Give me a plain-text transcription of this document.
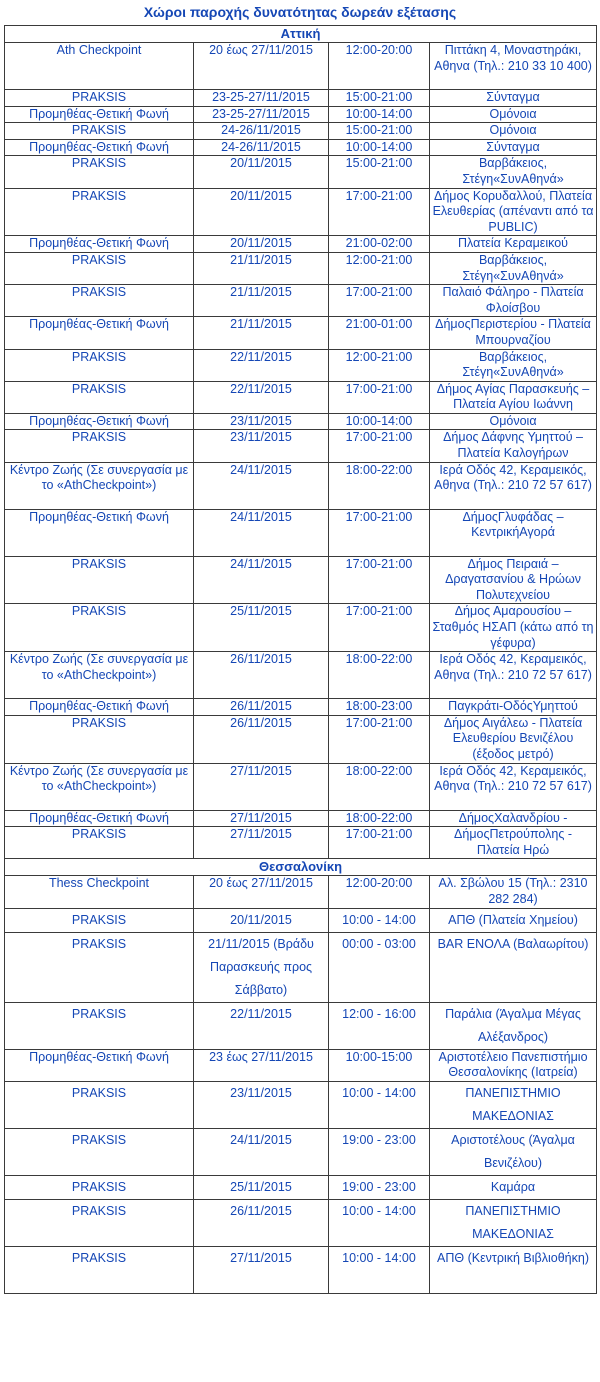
Χώροι παροχής δυνατότητας δωρεάν εξέτασης
Αττική			
Ath Checkpoint	20 έως 27/11/2015	12:00-20:00	Πιττάκη 4, Μοναστηράκι, Αθηνα (Τηλ.: 210 33 10 400)
PRAKSIS	23-25-27/11/2015	15:00-21:00	Σύνταγμα
Προμηθέας-Θετική Φωνή	23-25-27/11/2015	10:00-14:00	Ομόνοια
PRAKSIS	24-26/11/2015	15:00-21:00	Ομόνοια
Προμηθέας-Θετική Φωνή	24-26/11/2015	10:00-14:00	Σύνταγμα
PRAKSIS	20/11/2015	15:00-21:00	Βαρβάκειος, Στέγη«ΣυνΑθηνά»
PRAKSIS	20/11/2015	17:00-21:00	Δήμος Κορυδαλλού, Πλατεία Ελευθερίας (απέναντι από τα PUBLIC)
Προμηθέας-Θετική Φωνή	20/11/2015	21:00-02:00	Πλατεία Κεραμεικού
PRAKSIS	21/11/2015	12:00-21:00	Βαρβάκειος, Στέγη«ΣυνΑθηνά»
PRAKSIS	21/11/2015	17:00-21:00	Παλαιό Φάληρο - Πλατεία Φλοίσβου
Προμηθέας-Θετική Φωνή	21/11/2015	21:00-01:00	ΔήμοςΠεριστερίου - Πλατεία Μπουρναζίου
PRAKSIS	22/11/2015	12:00-21:00	Βαρβάκειος, Στέγη«ΣυνΑθηνά»
PRAKSIS	22/11/2015	17:00-21:00	Δήμος Αγίας Παρασκευής – Πλατεία Αγίου Ιωάννη
Προμηθέας-Θετική Φωνή	23/11/2015	10:00-14:00	Ομόνοια
PRAKSIS	23/11/2015	17:00-21:00	Δήμος Δάφνης Υμηττού – Πλατεία Καλογήρων
Κέντρο Ζωής (Σε συνεργασία με το «AthCheckpoint»)	24/11/2015	18:00-22:00	Ιερά Οδός 42, Κεραμεικός, Αθηνα (Τηλ.: 210 72 57 617)
Προμηθέας-Θετική Φωνή	24/11/2015	17:00-21:00	ΔήμοςΓλυφάδας – ΚεντρικήΑγορά
PRAKSIS	24/11/2015	17:00-21:00	Δήμος Πειραιά – Δραγατσανίου & Ηρώων Πολυτεχνείου
PRAKSIS	25/11/2015	17:00-21:00	Δήμος Αμαρουσίου – Σταθμός ΗΣΑΠ (κάτω από τη γέφυρα)
Κέντρο Ζωής (Σε συνεργασία με το «AthCheckpoint»)	26/11/2015	18:00-22:00	Ιερά Οδός 42, Κεραμεικός, Αθηνα (Τηλ.: 210 72 57 617)
Προμηθέας-Θετική Φωνή	26/11/2015	18:00-23:00	Παγκράτι-ΟδόςΥμηττού
PRAKSIS	26/11/2015	17:00-21:00	Δήμος Αιγάλεω - Πλατεία Ελευθερίου Βενιζέλου (έξοδος μετρό)
Κέντρο Ζωής (Σε συνεργασία με το «AthCheckpoint»)	27/11/2015	18:00-22:00	Ιερά Οδός 42, Κεραμεικός, Αθηνα (Τηλ.: 210 72 57 617)
Προμηθέας-Θετική Φωνή	27/11/2015	18:00-22:00	ΔήμοςΧαλανδρίου -
PRAKSIS	27/11/2015	17:00-21:00	ΔήμοςΠετρούπολης - Πλατεία Ηρώ
Θεσσαλονίκη			
Thess Checkpoint	20 έως 27/11/2015	12:00-20:00	Αλ. Σβώλου 15 (Τηλ.: 2310 282 284)
PRAKSIS	20/11/2015	10:00 - 14:00	ΑΠΘ (Πλατεία Χημείου)
PRAKSIS	21/11/2015 (Βράδυ Παρασκευής προς Σάββατο)	00:00 - 03:00	BAR ΕΝΟΛΑ (Βαλαωρίτου)
PRAKSIS	22/11/2015	12:00 - 16:00	Παράλια (Άγαλμα Μέγας Αλέξανδρος)
Προμηθέας-Θετική Φωνή	23 έως 27/11/2015	10:00-15:00	Αριστοτέλειο Πανεπιστήμιο Θεσσαλονίκης (Ιατρεία)
PRAKSIS	23/11/2015	10:00 - 14:00	ΠΑΝΕΠΙΣΤΗΜΙΟ ΜΑΚΕΔΟΝΙΑΣ
PRAKSIS	24/11/2015	19:00 - 23:00	Αριστοτέλους (Άγαλμα Βενιζέλου)
PRAKSIS	25/11/2015	19:00 - 23:00	Καμάρα
PRAKSIS	26/11/2015	10:00 - 14:00	ΠΑΝΕΠΙΣΤΗΜΙΟ ΜΑΚΕΔΟΝΙΑΣ
PRAKSIS	27/11/2015	10:00 - 14:00	ΑΠΘ (Κεντρική Βιβλιοθήκη)
